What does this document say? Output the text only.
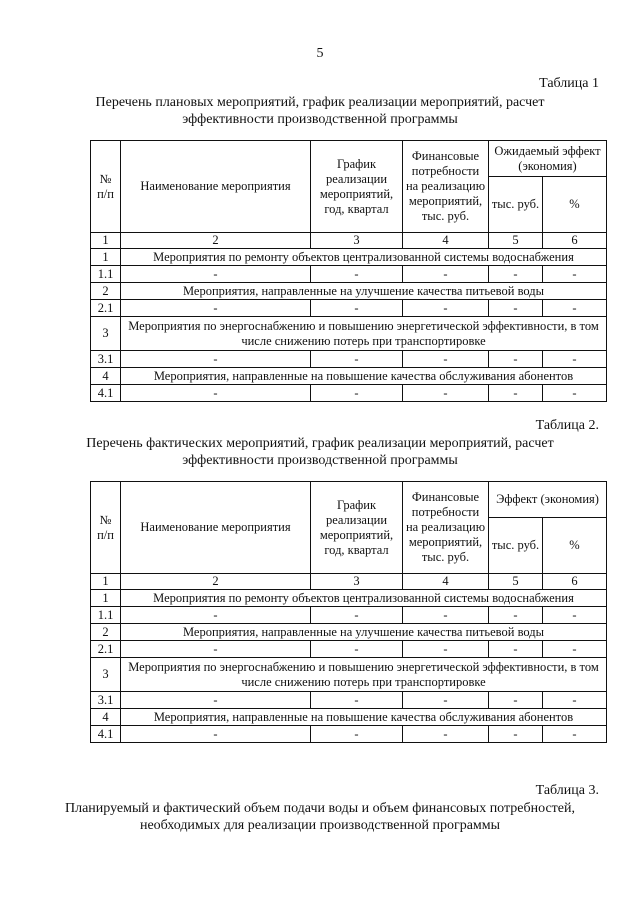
5
Таблица 1
Перечень плановых мероприятий, график реализации мероприятий, расчет эффективности производственной программы
№ п/п	Наименование мероприятия	График реализации мероприятий, год, квартал	Финансовые потребности на реализацию мероприятий, тыс. руб.	Ожидаемый эффект (экономия)	
				тыс. руб.	%
1	2	3	4	5	6
1	Мероприятия по ремонту объектов централизованной системы водоснабжения				
1.1	-	-	-	-	-
2	Мероприятия, направленные на улучшение качества питьевой воды				
2.1	-	-	-	-	-
3	Мероприятия по энергоснабжению и повышению энергетической эффективности, в том числе снижению потерь при транспортировке				
3.1	-	-	-	-	-
4	Мероприятия, направленные на повышение качества обслуживания абонентов				
4.1	-	-	-	-	-
Таблица 2.
Перечень фактических мероприятий, график реализации мероприятий, расчет эффективности производственной программы
№ п/п	Наименование мероприятия	График реализации мероприятий, год, квартал	Финансовые потребности на реализацию мероприятий, тыс. руб.	Эффект (экономия)	
				тыс. руб.	%
1	2	3	4	5	6
1	Мероприятия по ремонту объектов централизованной системы водоснабжения				
1.1	-	-	-	-	-
2	Мероприятия, направленные на улучшение качества питьевой воды				
2.1	-	-	-	-	-
3	Мероприятия по энергоснабжению и повышению энергетической эффективности, в том числе снижению потерь при транспортировке				
3.1	-	-	-	-	-
4	Мероприятия, направленные на повышение качества обслуживания абонентов				
4.1	-	-	-	-	-
Таблица 3.
Планируемый и фактический объем подачи воды и объем финансовых потребностей, необходимых для реализации производственной программы
